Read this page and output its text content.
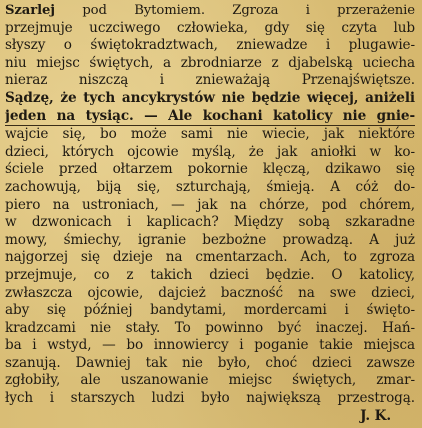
Szarlej pod Bytomiem. Zgroza i przerażenie
przejmuje uczciwego człowieka, gdy się czyta lub
słyszy o świętokradztwach, zniewadze i plugawie-
niu miejsc świętych, a zbrodniarze z djabelską uciecha
nieraz niszczą i znieważają Przenajświętsze.
Sądzę, że tych ancykrystów nie będzie więcej, aniżeli jeden na tysiąc. — Ale kochani katolicy nie gnie-
wajcie się, bo może sami nie wiecie, jak niektóre
dzieci, których ojcowie myślą, że jak aniołki w ko-
ściele przed ołtarzem pokornie klęczą, dzikawo się
zachowują, biją się, szturchają, śmieją. A cóż do-
piero na ustroniach, — jak na chórze, pod chórem,
w dzwonicach i kaplicach? Między sobą szkaradne
mowy, śmiechy, igranie bezbożne prowadzą. A już
najgorzej się dzieje na cmentarzach. Ach, to zgroza
przejmuje, co z takich dzieci będzie. O katolicy,
zwłaszcza ojcowie, dajcież baczność na swe dzieci,
aby się później bandytami, mordercami i święto-
kradzcami nie stały. To powinno być inaczej. Hań-
ba i wstyd, — bo innowiercy i poganie takie miejsca
szanują. Dawniej tak nie było, choć dzieci zawsze
zgłobiły, ale uszanowanie miejsc świętych, zmar-
łych i starszych ludzi było największą przestrogą.
J. K.
